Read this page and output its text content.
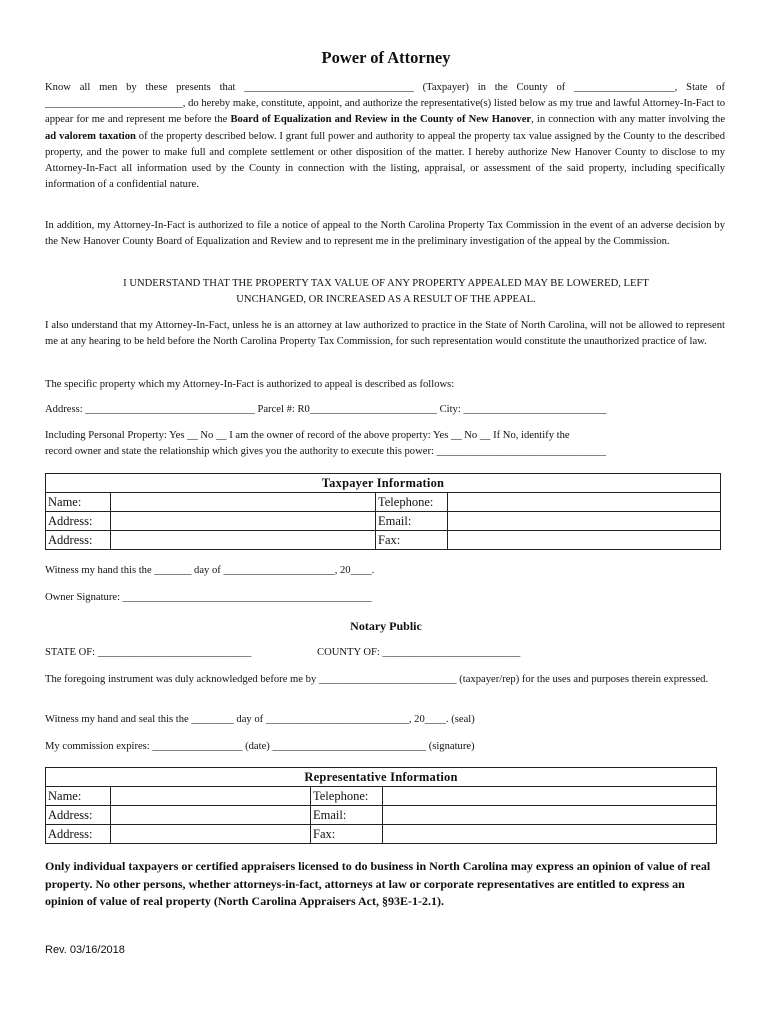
Power of Attorney
Know all men by these presents that ________________________________ (Taxpayer) in the County of ___________________, State of __________________________, do hereby make, constitute, appoint, and authorize the representative(s) listed below as my true and lawful Attorney-In-Fact to appear for me and represent me before the Board of Equalization and Review in the County of New Hanover, in connection with any matter involving the ad valorem taxation of the property described below. I grant full power and authority to appeal the property tax value assigned by the County to the described property, and the power to make full and complete settlement or other disposition of the matter. I hereby authorize New Hanover County to disclose to my Attorney-In-Fact all information used by the County in connection with the listing, appraisal, or assessment of the said property, including specifically information of a confidential nature.
In addition, my Attorney-In-Fact is authorized to file a notice of appeal to the North Carolina Property Tax Commission in the event of an adverse decision by the New Hanover County Board of Equalization and Review and to represent me in the preliminary investigation of the appeal by the Commission.
I UNDERSTAND THAT THE PROPERTY TAX VALUE OF ANY PROPERTY APPEALED MAY BE LOWERED, LEFT
UNCHANGED, OR INCREASED AS A RESULT OF THE APPEAL.
I also understand that my Attorney-In-Fact, unless he is an attorney at law authorized to practice in the State of North Carolina, will not be allowed to represent me at any hearing to be held before the North Carolina Property Tax Commission, for such representation would constitute the unauthorized practice of law.
The specific property which my Attorney-In-Fact is authorized to appeal is described as follows:
Address: ________________________________ Parcel #: R0________________________ City: ___________________________
Including Personal Property: Yes __ No __ I am the owner of record of the above property: Yes __ No __ If No, identify the
record owner and state the relationship which gives you the authority to execute this power: ________________________________
Taxpayer Information			
Name:		Telephone:	
Address:		Email:	
Address:		Fax:	
Witness my hand this the _______ day of _____________________, 20____.
Owner Signature: _______________________________________________
Notary Public
STATE OF: _____________________________	COUNTY OF: __________________________
The foregoing instrument was duly acknowledged before me by __________________________ (taxpayer/rep) for the uses and purposes therein expressed.
Witness my hand and seal this the ________ day of ___________________________, 20____. (seal)
My commission expires: _________________ (date) _____________________________ (signature)
Representative Information			
Name:		Telephone:	
Address:		Email:	
Address:		Fax:	
Only individual taxpayers or certified appraisers licensed to do business in North Carolina may express an opinion of value of real property. No other persons, whether attorneys-in-fact, attorneys at law or corporate representatives are entitled to express an opinion of value of real property (North Carolina Appraisers Act, §93E-1-2.1).
Rev. 03/16/2018
